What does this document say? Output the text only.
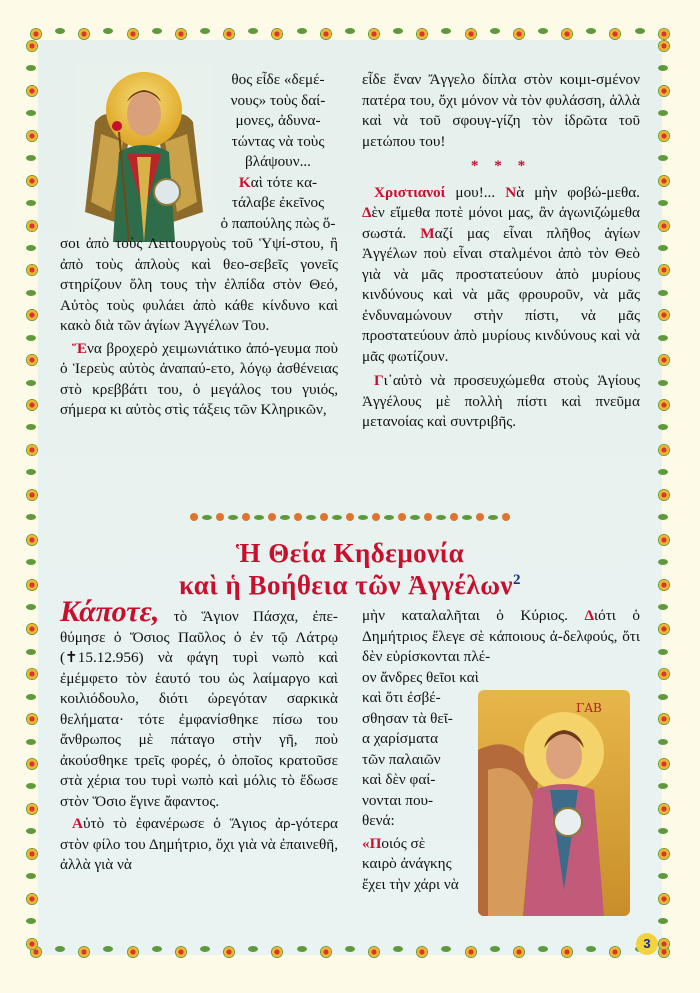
θος εἶδε «δεμέ-
νους» τοὺς δαί-
μονες, ἀδυνα-
τώντας νὰ τοὺς
βλάψουν...
Καὶ τότε κα-
τάλαβε ἐκεῖνος
ὁ παπούλης πὼς ὅ-

σοι ἀπὸ τοὺς Λειτουργοὺς τοῦ Ὑψί-στου, ἢ ἀπὸ τοὺς ἁπλοὺς καὶ θεο-σεβεῖς γονεῖς στηρίζουν ὅλη τους τὴν ἐλπίδα στὸν Θεό, Αὐτὸς τοὺς φυλάει ἀπὸ κάθε κίνδυνο καὶ κακὸ διὰ τῶν ἁγίων Ἀγγέλων Του.

Ἕνα βροχερὸ χειμωνιάτικο ἀπό-γευμα ποὺ ὁ Ἱερεὺς αὐτὸς ἀναπαύ-ετο, λόγῳ ἀσθένειας στὸ κρεββάτι του, ὁ μεγάλος του γυιός, σήμερα κι αὐτὸς στὶς τάξεις τῶν Κληρικῶν,

εἶδε ἕναν Ἄγγελο δίπλα στὸν κοιμι-σμένον πατέρα του, ὄχι μόνον νὰ τὸν φυλάσση, ἀλλὰ καὶ νὰ τοῦ σφουγ-γίζη τὸν ἱδρῶτα τοῦ μετώπου του!

* * *

Χριστιανοί μου!... Νὰ μὴν φοβώ-μεθα. Δὲν εἴμεθα ποτὲ μόνοι μας, ἂν ἀγωνιζώμεθα σωστά. Μαζί μας εἶναι πλῆθος ἁγίων Ἀγγέλων ποὺ εἶναι σταλμένοι ἀπὸ τὸν Θεὸ γιὰ νὰ μᾶς προστατεύουν ἀπὸ μυρίους κινδύνους καὶ νὰ μᾶς φρουροῦν, νὰ μᾶς ἐνδυναμώνουν στὴν πίστι, νὰ μᾶς προστατεύουν ἀπὸ μυρίους κινδύνους καὶ νὰ μᾶς φωτίζουν.

Γι᾽αὐτὸ νὰ προσευχώμεθα στοὺς Ἁγίους Ἀγγέλους μὲ πολλὴ πίστι καὶ πνεῦμα μετανοίας καὶ συντριβῆς.

Ἡ Θεία Κηδεμονία
καὶ ἡ Βοήθεια τῶν Ἀγγέλων$^2$

Κάποτε, τὸ Ἅγιον Πάσχα, ἐπε-θύμησε ὁ Ὅσιος Παῦλος ὁ ἐν τῷ Λάτρῳ (✝15.12.956) νὰ φάγη τυρὶ νωπὸ καὶ ἐμέμφετο τὸν ἑαυτό του ὡς λαίμαργο καὶ κοιλιόδουλο, διότι ὠρεγόταν σαρκικὰ θελήματα· τότε ἐμφανίσθηκε πίσω του ἄνθρωπος μὲ πάταγο στὴν γῆ, ποὺ ἀκούσθηκε τρεῖς φορές, ὁ ὁποῖος κρατοῦσε στὰ χέρια του τυρὶ νωπὸ καὶ μόλις τὸ ἔδωσε στὸν Ὅσιο ἔγινε ἄφαντος.

Αὐτὸ τὸ ἐφανέρωσε ὁ Ἅγιος ἀρ-γότερα στὸν φίλο του Δημήτριο, ὄχι γιὰ νὰ ἐπαινεθῆ, ἀλλὰ γιὰ νὰ

ΓΑΒ

μὴν καταλαλῆται ὁ Κύριος. Διότι ὁ Δημήτριος ἔλεγε σὲ κάποιους ἀ-δελφούς, ὅτι δὲν εὑρίσκονται πλέ-

ον ἄνδρες θεῖοι καὶ
καὶ ὅτι ἐσβέ-
σθησαν τὰ θεῖ-
α χαρίσματα
τῶν παλαιῶν
καὶ δὲν φαί-
νονται που-
θενά:
«Ποιός σὲ
καιρὸ ἀνάγκης
ἔχει τὴν χάρι νὰ
3
